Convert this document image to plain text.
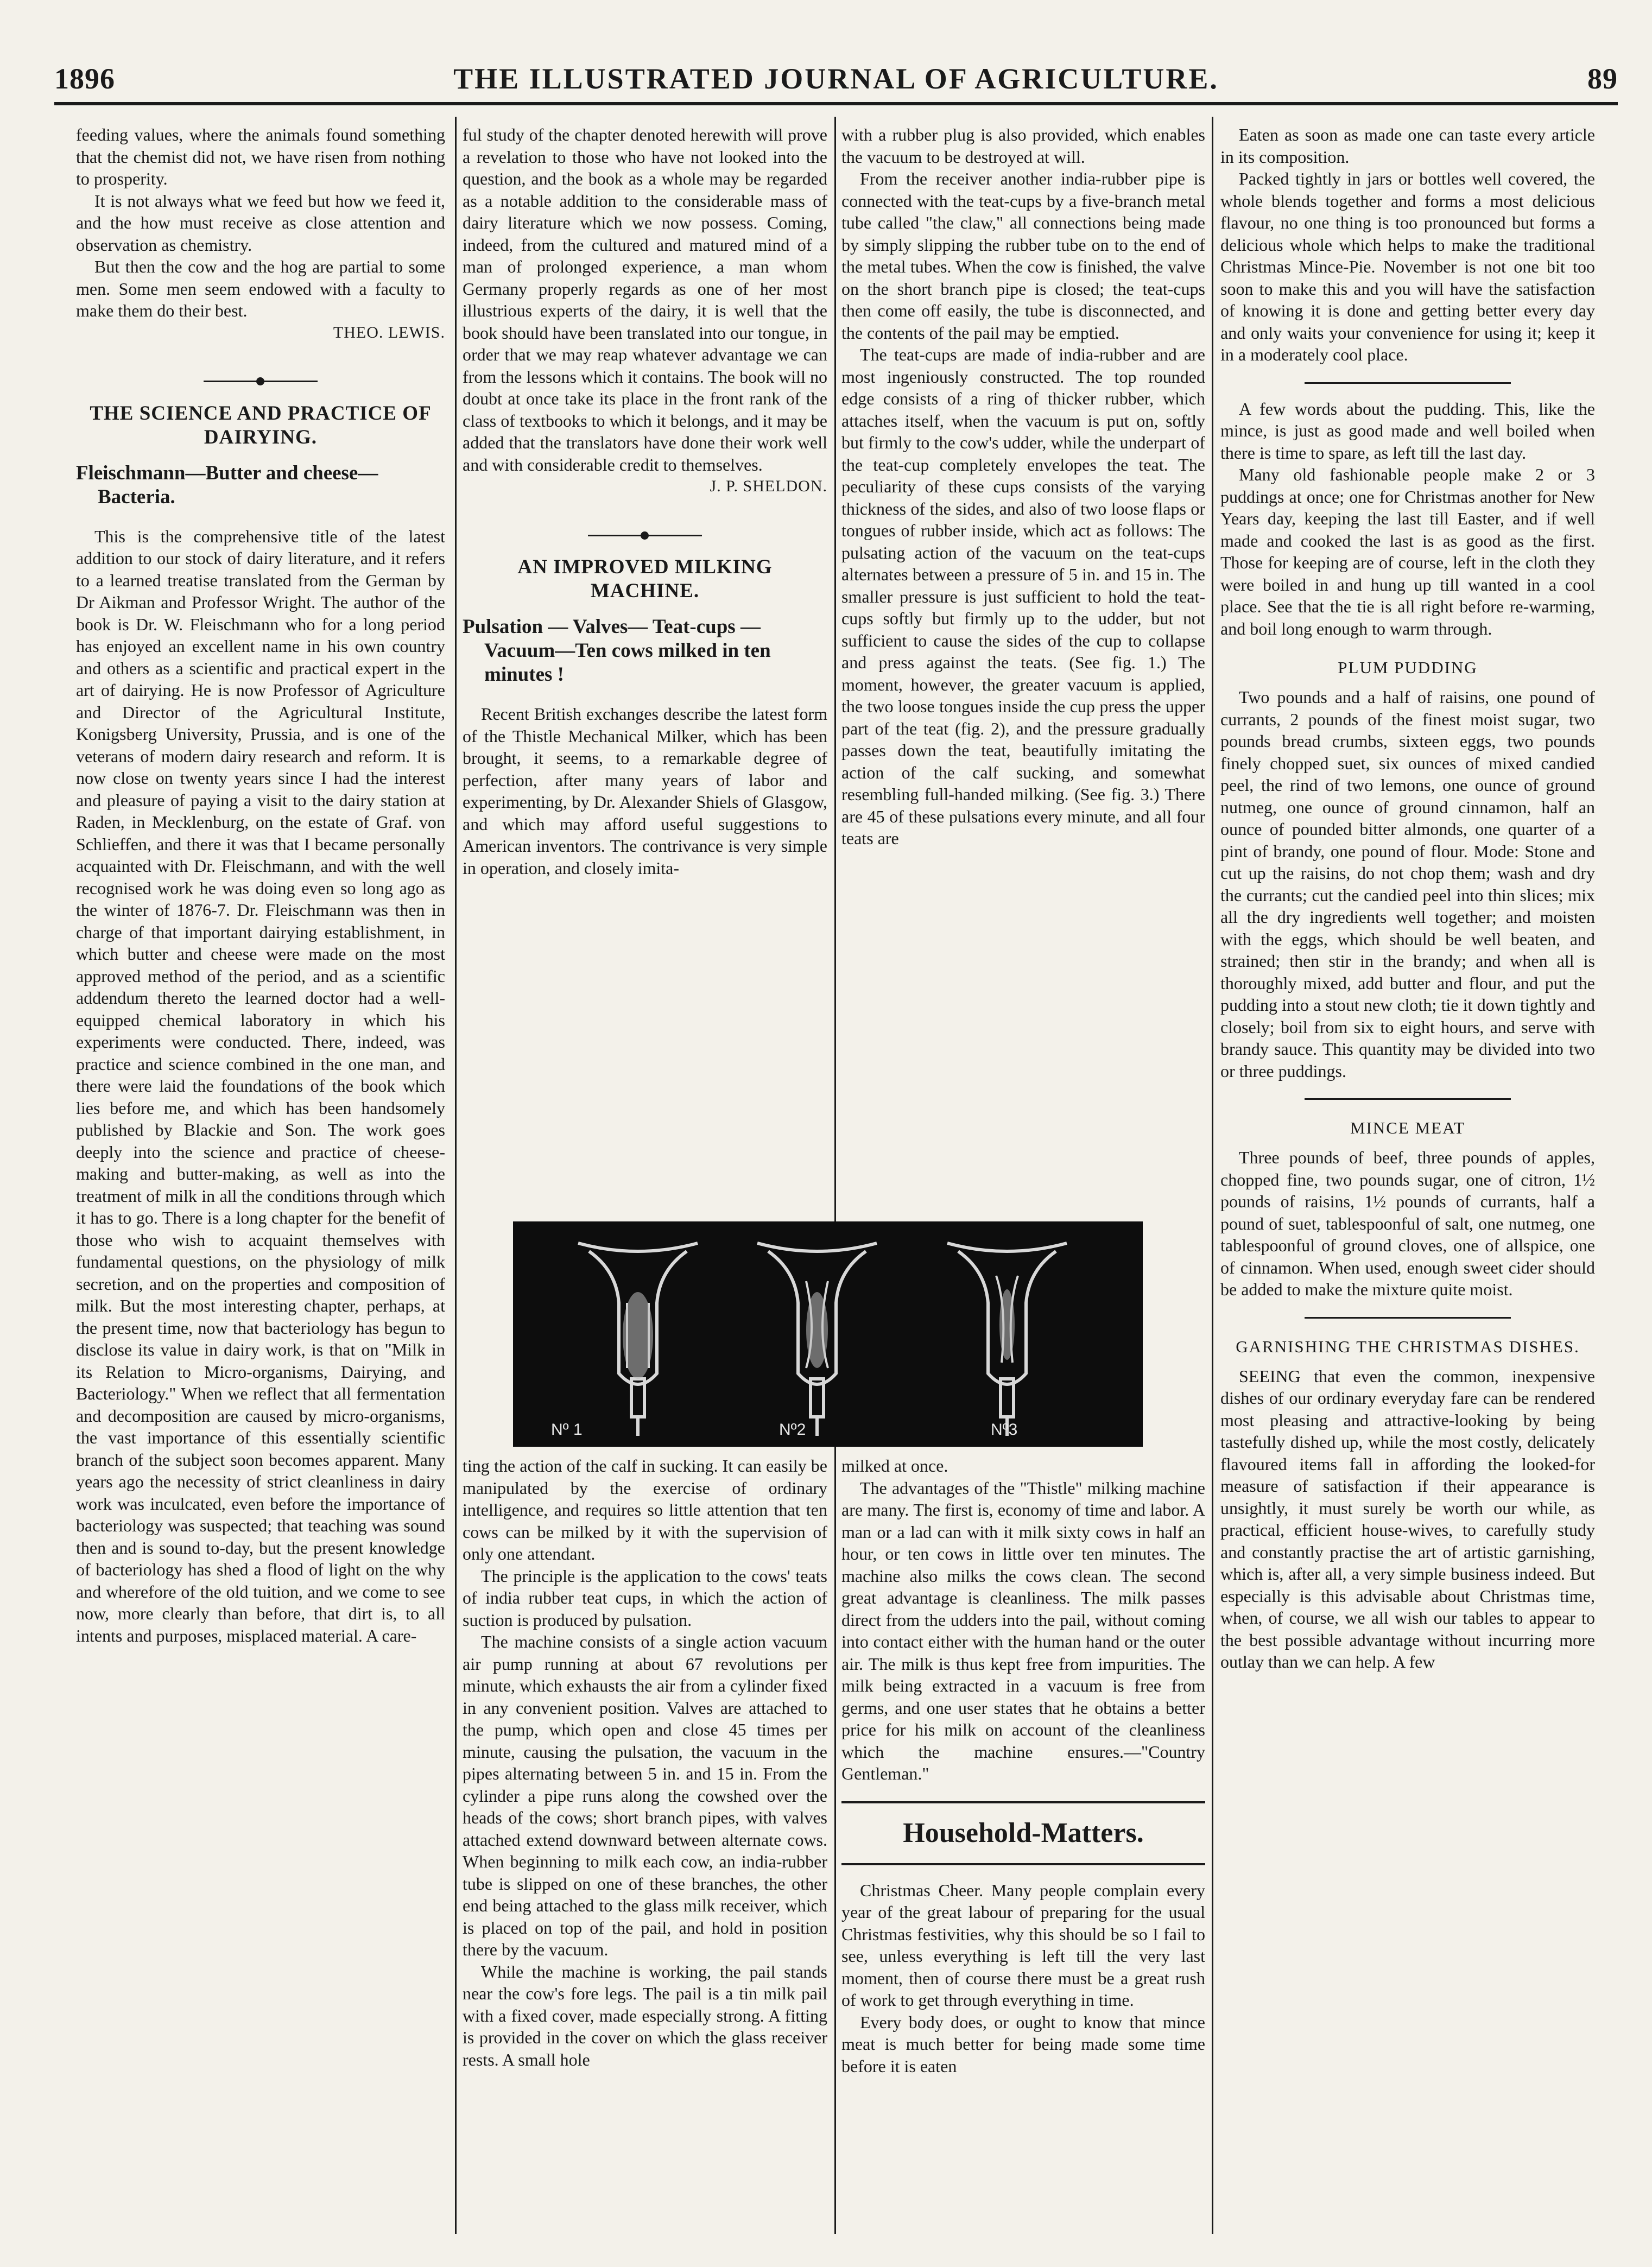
1896	THE ILLUSTRATED JOURNAL OF AGRICULTURE.	89

feeding values, where the animals found something that the chemist did not, we have risen from nothing to prosperity.

It is not always what we feed but how we feed it, and the how must receive as close attention and observation as chemistry.

But then the cow and the hog are partial to some men. Some men seem endowed with a faculty to make them do their best.

THEO. LEWIS.

THE SCIENCE AND PRACTICE OF DAIRYING.
Fleischmann—Butter and cheese—Bacteria.

This is the comprehensive title of the latest addition to our stock of dairy literature, and it refers to a learned treatise translated from the German by Dr Aikman and Professor Wright. The author of the book is Dr. W. Fleischmann who for a long period has enjoyed an excellent name in his own country and others as a scientific and practical expert in the art of dairying. He is now Professor of Agriculture and Director of the Agricultural Institute, Konigsberg University, Prussia, and is one of the veterans of modern dairy research and reform. It is now close on twenty years since I had the interest and pleasure of paying a visit to the dairy station at Raden, in Mecklenburg, on the estate of Graf. von Schlieffen, and there it was that I became personally acquainted with Dr. Fleischmann, and with the well recognised work he was doing even so long ago as the winter of 1876-7. Dr. Fleischmann was then in charge of that important dairying establishment, in which butter and cheese were made on the most approved method of the period, and as a scientific addendum thereto the learned doctor had a well-equipped chemical laboratory in which his experiments were conducted. There, indeed, was practice and science combined in the one man, and there were laid the foundations of the book which lies before me, and which has been handsomely published by Blackie and Son. The work goes deeply into the science and practice of cheese-making and butter-making, as well as into the treatment of milk in all the conditions through which it has to go. There is a long chapter for the benefit of those who wish to acquaint themselves with fundamental questions, on the physiology of milk secretion, and on the properties and composition of milk. But the most interesting chapter, perhaps, at the present time, now that bacteriology has begun to disclose its value in dairy work, is that on "Milk in its Relation to Micro-organisms, Dairying, and Bacteriology." When we reflect that all fermentation and decomposition are caused by micro-organisms, the vast importance of this essentially scientific branch of the subject soon becomes apparent. Many years ago the necessity of strict cleanliness in dairy work was inculcated, even before the importance of bacteriology was suspected; that teaching was sound then and is sound to-day, but the present knowledge of bacteriology has shed a flood of light on the why and wherefore of the old tuition, and we come to see now, more clearly than before, that dirt is, to all intents and purposes, misplaced material. A care-

ful study of the chapter denoted herewith will prove a revelation to those who have not looked into the question, and the book as a whole may be regarded as a notable addition to the considerable mass of dairy literature which we now possess. Coming, indeed, from the cultured and matured mind of a man of prolonged experience, a man whom Germany properly regards as one of her most illustrious experts of the dairy, it is well that the book should have been translated into our tongue, in order that we may reap whatever advantage we can from the lessons which it contains. The book will no doubt at once take its place in the front rank of the class of textbooks to which it belongs, and it may be added that the translators have done their work well and with considerable credit to themselves.

J. P. SHELDON.

AN IMPROVED MILKING MACHINE.
Pulsation — Valves— Teat-cups —Vacuum—Ten cows milked in ten minutes !

Recent British exchanges describe the latest form of the Thistle Mechanical Milker, which has been brought, it seems, to a remarkable degree of perfection, after many years of labor and experimenting, by Dr. Alexander Shiels of Glasgow, and which may afford useful suggestions to American inventors. The contrivance is very simple in operation, and closely imita-

with a rubber plug is also provided, which enables the vacuum to be destroyed at will.

From the receiver another india-rubber pipe is connected with the teat-cups by a five-branch metal tube called "the claw," all connections being made by simply slipping the rubber tube on to the end of the metal tubes. When the cow is finished, the valve on the short branch pipe is closed; the teat-cups then come off easily, the tube is disconnected, and the contents of the pail may be emptied.

The teat-cups are made of india-rubber and are most ingeniously constructed. The top rounded edge consists of a ring of thicker rubber, which attaches itself, when the vacuum is put on, softly but firmly to the cow's udder, while the underpart of the teat-cup completely envelopes the teat. The peculiarity of these cups consists of the varying thickness of the sides, and also of two loose flaps or tongues of rubber inside, which act as follows: The pulsating action of the vacuum on the teat-cups alternates between a pressure of 5 in. and 15 in. The smaller pressure is just sufficient to hold the teat-cups softly but firmly up to the udder, but not sufficient to cause the sides of the cup to collapse and press against the teats. (See fig. 1.) The moment, however, the greater vacuum is applied, the two loose tongues inside the cup press the upper part of the teat (fig. 2), and the pressure gradually passes down the teat, beautifully imitating the action of the calf sucking, and somewhat resembling full-handed milking. (See fig. 3.) There are 45 of these pulsations every minute, and all four teats are

Nº 1	Nº2	Nº3

ting the action of the calf in sucking. It can easily be manipulated by the exercise of ordinary intelligence, and requires so little attention that ten cows can be milked by it with the supervision of only one attendant.

The principle is the application to the cows' teats of india rubber teat cups, in which the action of suction is produced by pulsation.

The machine consists of a single action vacuum air pump running at about 67 revolutions per minute, which exhausts the air from a cylinder fixed in any convenient position. Valves are attached to the pump, which open and close 45 times per minute, causing the pulsation, the vacuum in the pipes alternating between 5 in. and 15 in. From the cylinder a pipe runs along the cowshed over the heads of the cows; short branch pipes, with valves attached extend downward between alternate cows. When beginning to milk each cow, an india-rubber tube is slipped on one of these branches, the other end being attached to the glass milk receiver, which is placed on top of the pail, and hold in position there by the vacuum.

While the machine is working, the pail stands near the cow's fore legs. The pail is a tin milk pail with a fixed cover, made especially strong. A fitting is provided in the cover on which the glass receiver rests. A small hole

milked at once.

The advantages of the "Thistle" milking machine are many. The first is, economy of time and labor. A man or a lad can with it milk sixty cows in half an hour, or ten cows in little over ten minutes. The machine also milks the cows clean. The second great advantage is cleanliness. The milk passes direct from the udders into the pail, without coming into contact either with the human hand or the outer air. The milk is thus kept free from impurities. The milk being extracted in a vacuum is free from germs, and one user states that he obtains a better price for his milk on account of the cleanliness which the machine ensures.—"Country Gentleman."

Household-Matters.

Christmas Cheer. Many people complain every year of the great labour of preparing for the usual Christmas festivities, why this should be so I fail to see, unless everything is left till the very last moment, then of course there must be a great rush of work to get through everything in time.

Every body does, or ought to know that mince meat is much better for being made some time before it is eaten

Eaten as soon as made one can taste every article in its composition.

Packed tightly in jars or bottles well covered, the whole blends together and forms a most delicious flavour, no one thing is too pronounced but forms a delicious whole which helps to make the traditional Christmas Mince-Pie. November is not one bit too soon to make this and you will have the satisfaction of knowing it is done and getting better every day and only waits your convenience for using it; keep it in a moderately cool place.

A few words about the pudding. This, like the mince, is just as good made and well boiled when there is time to spare, as left till the last day.

Many old fashionable people make 2 or 3 puddings at once; one for Christmas another for New Years day, keeping the last till Easter, and if well made and cooked the last is as good as the first. Those for keeping are of course, left in the cloth they were boiled in and hung up till wanted in a cool place. See that the tie is all right before re-warming, and boil long enough to warm through.

PLUM PUDDING

Two pounds and a half of raisins, one pound of currants, 2 pounds of the finest moist sugar, two pounds bread crumbs, sixteen eggs, two pounds finely chopped suet, six ounces of mixed candied peel, the rind of two lemons, one ounce of ground nutmeg, one ounce of ground cinnamon, half an ounce of pounded bitter almonds, one quarter of a pint of brandy, one pound of flour. Mode: Stone and cut up the raisins, do not chop them; wash and dry the currants; cut the candied peel into thin slices; mix all the dry ingredients well together; and moisten with the eggs, which should be well beaten, and strained; then stir in the brandy; and when all is thoroughly mixed, add butter and flour, and put the pudding into a stout new cloth; tie it down tightly and closely; boil from six to eight hours, and serve with brandy sauce. This quantity may be divided into two or three puddings.

MINCE MEAT

Three pounds of beef, three pounds of apples, chopped fine, two pounds sugar, one of citron, 1½ pounds of raisins, 1½ pounds of currants, half a pound of suet, tablespoonful of salt, one nutmeg, one tablespoonful of ground cloves, one of allspice, one of cinnamon. When used, enough sweet cider should be added to make the mixture quite moist.

GARNISHING THE CHRISTMAS DISHES.

SEEING that even the common, inexpensive dishes of our ordinary everyday fare can be rendered most pleasing and attractive-looking by being tastefully dished up, while the most costly, delicately flavoured items fall in affording the looked-for measure of satisfaction if their appearance is unsightly, it must surely be worth our while, as practical, efficient house-wives, to carefully study and constantly practise the art of artistic garnishing, which is, after all, a very simple business indeed. But especially is this advisable about Christmas time, when, of course, we all wish our tables to appear to the best possible advantage without incurring more outlay than we can help. A few
